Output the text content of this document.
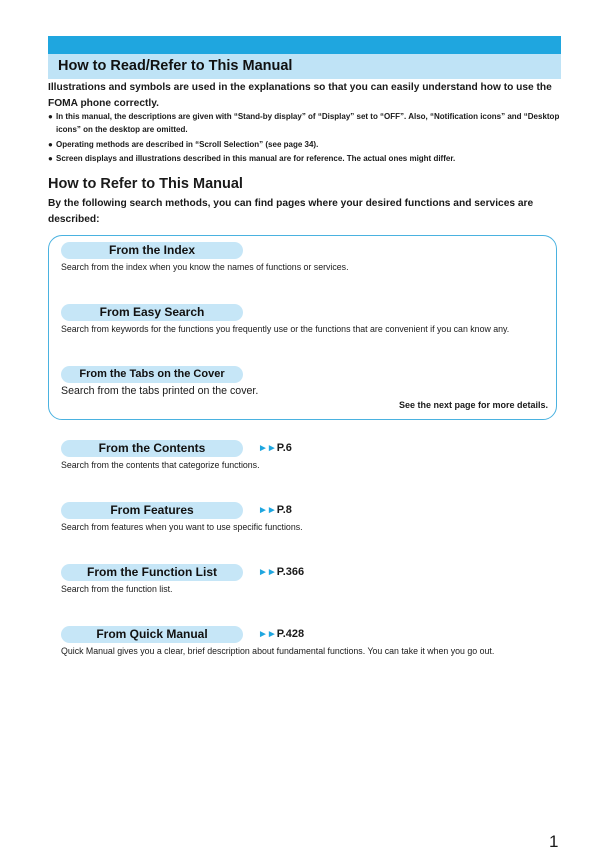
How to Read/Refer to This Manual
Illustrations and symbols are used in the explanations so that you can easily understand how to use the FOMA phone correctly.
● In this manual, the descriptions are given with “Stand-by display” of “Display” set to “OFF”. Also, “Notification icons” and “Desktop icons” on the desktop are omitted.
● Operating methods are described in “Scroll Selection” (see page 34).
● Screen displays and illustrations described in this manual are for reference. The actual ones might differ.
How to Refer to This Manual
By the following search methods, you can find pages where your desired functions and services are described:
From the Index
Search from the index when you know the names of functions or services.
From Easy Search
Search from keywords for the functions you frequently use or the functions that are convenient if you can know any.
From the Tabs on the Cover
Search from the tabs printed on the cover.
See the next page for more details.
From the Contents	►►P.6
Search from the contents that categorize functions.
From Features	►►P.8
Search from features when you want to use specific functions.
From the Function List	►►P.366
Search from the function list.
From Quick Manual	►►P.428
Quick Manual gives you a clear, brief description about fundamental functions. You can take it when you go out.
1
